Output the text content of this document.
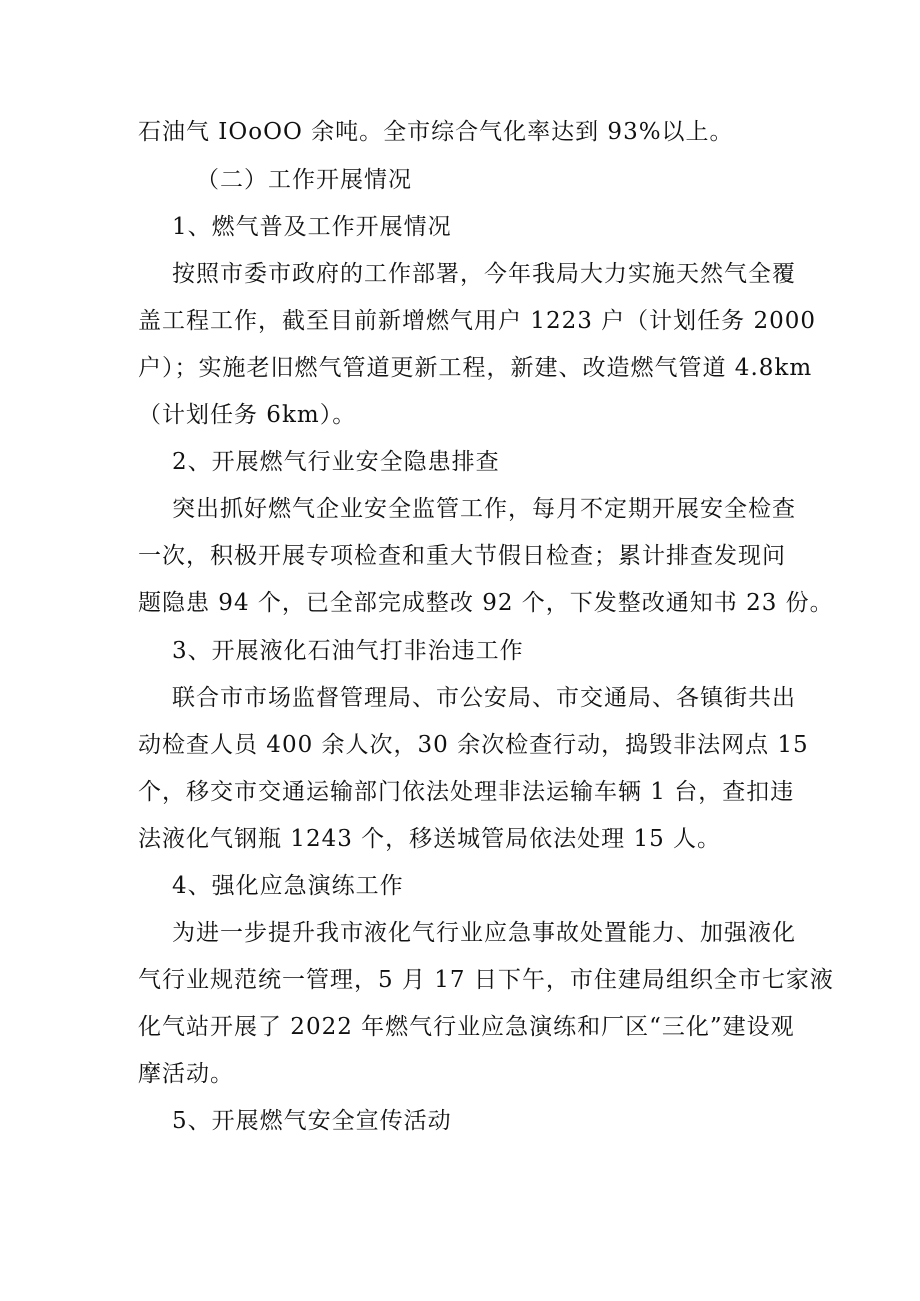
石油气 IOoOO 余吨。全市综合气化率达到 93%以上。
（二）工作开展情况
1、燃气普及工作开展情况
按照市委市政府的工作部署，今年我局大力实施天然气全覆
盖工程工作，截至目前新增燃气用户 1223 户（计划任务 2000
户）；实施老旧燃气管道更新工程，新建、改造燃气管道 4.8km
（计划任务 6km）。
2、开展燃气行业安全隐患排查
突出抓好燃气企业安全监管工作，每月不定期开展安全检查
一次，积极开展专项检查和重大节假日检查；累计排查发现问
题隐患 94 个，已全部完成整改 92 个，下发整改通知书 23 份。
3、开展液化石油气打非治违工作
联合市市场监督管理局、市公安局、市交通局、各镇街共出
动检查人员 400 余人次，30 余次检查行动，捣毁非法网点 15
个，移交市交通运输部门依法处理非法运输车辆 1 台，查扣违
法液化气钢瓶 1243 个，移送城管局依法处理 15 人。
4、强化应急演练工作
为进一步提升我市液化气行业应急事故处置能力、加强液化
气行业规范统一管理，5 月 17 日下午，市住建局组织全市七家液
化气站开展了 2022 年燃气行业应急演练和厂区“三化”建设观
摩活动。
5、开展燃气安全宣传活动
